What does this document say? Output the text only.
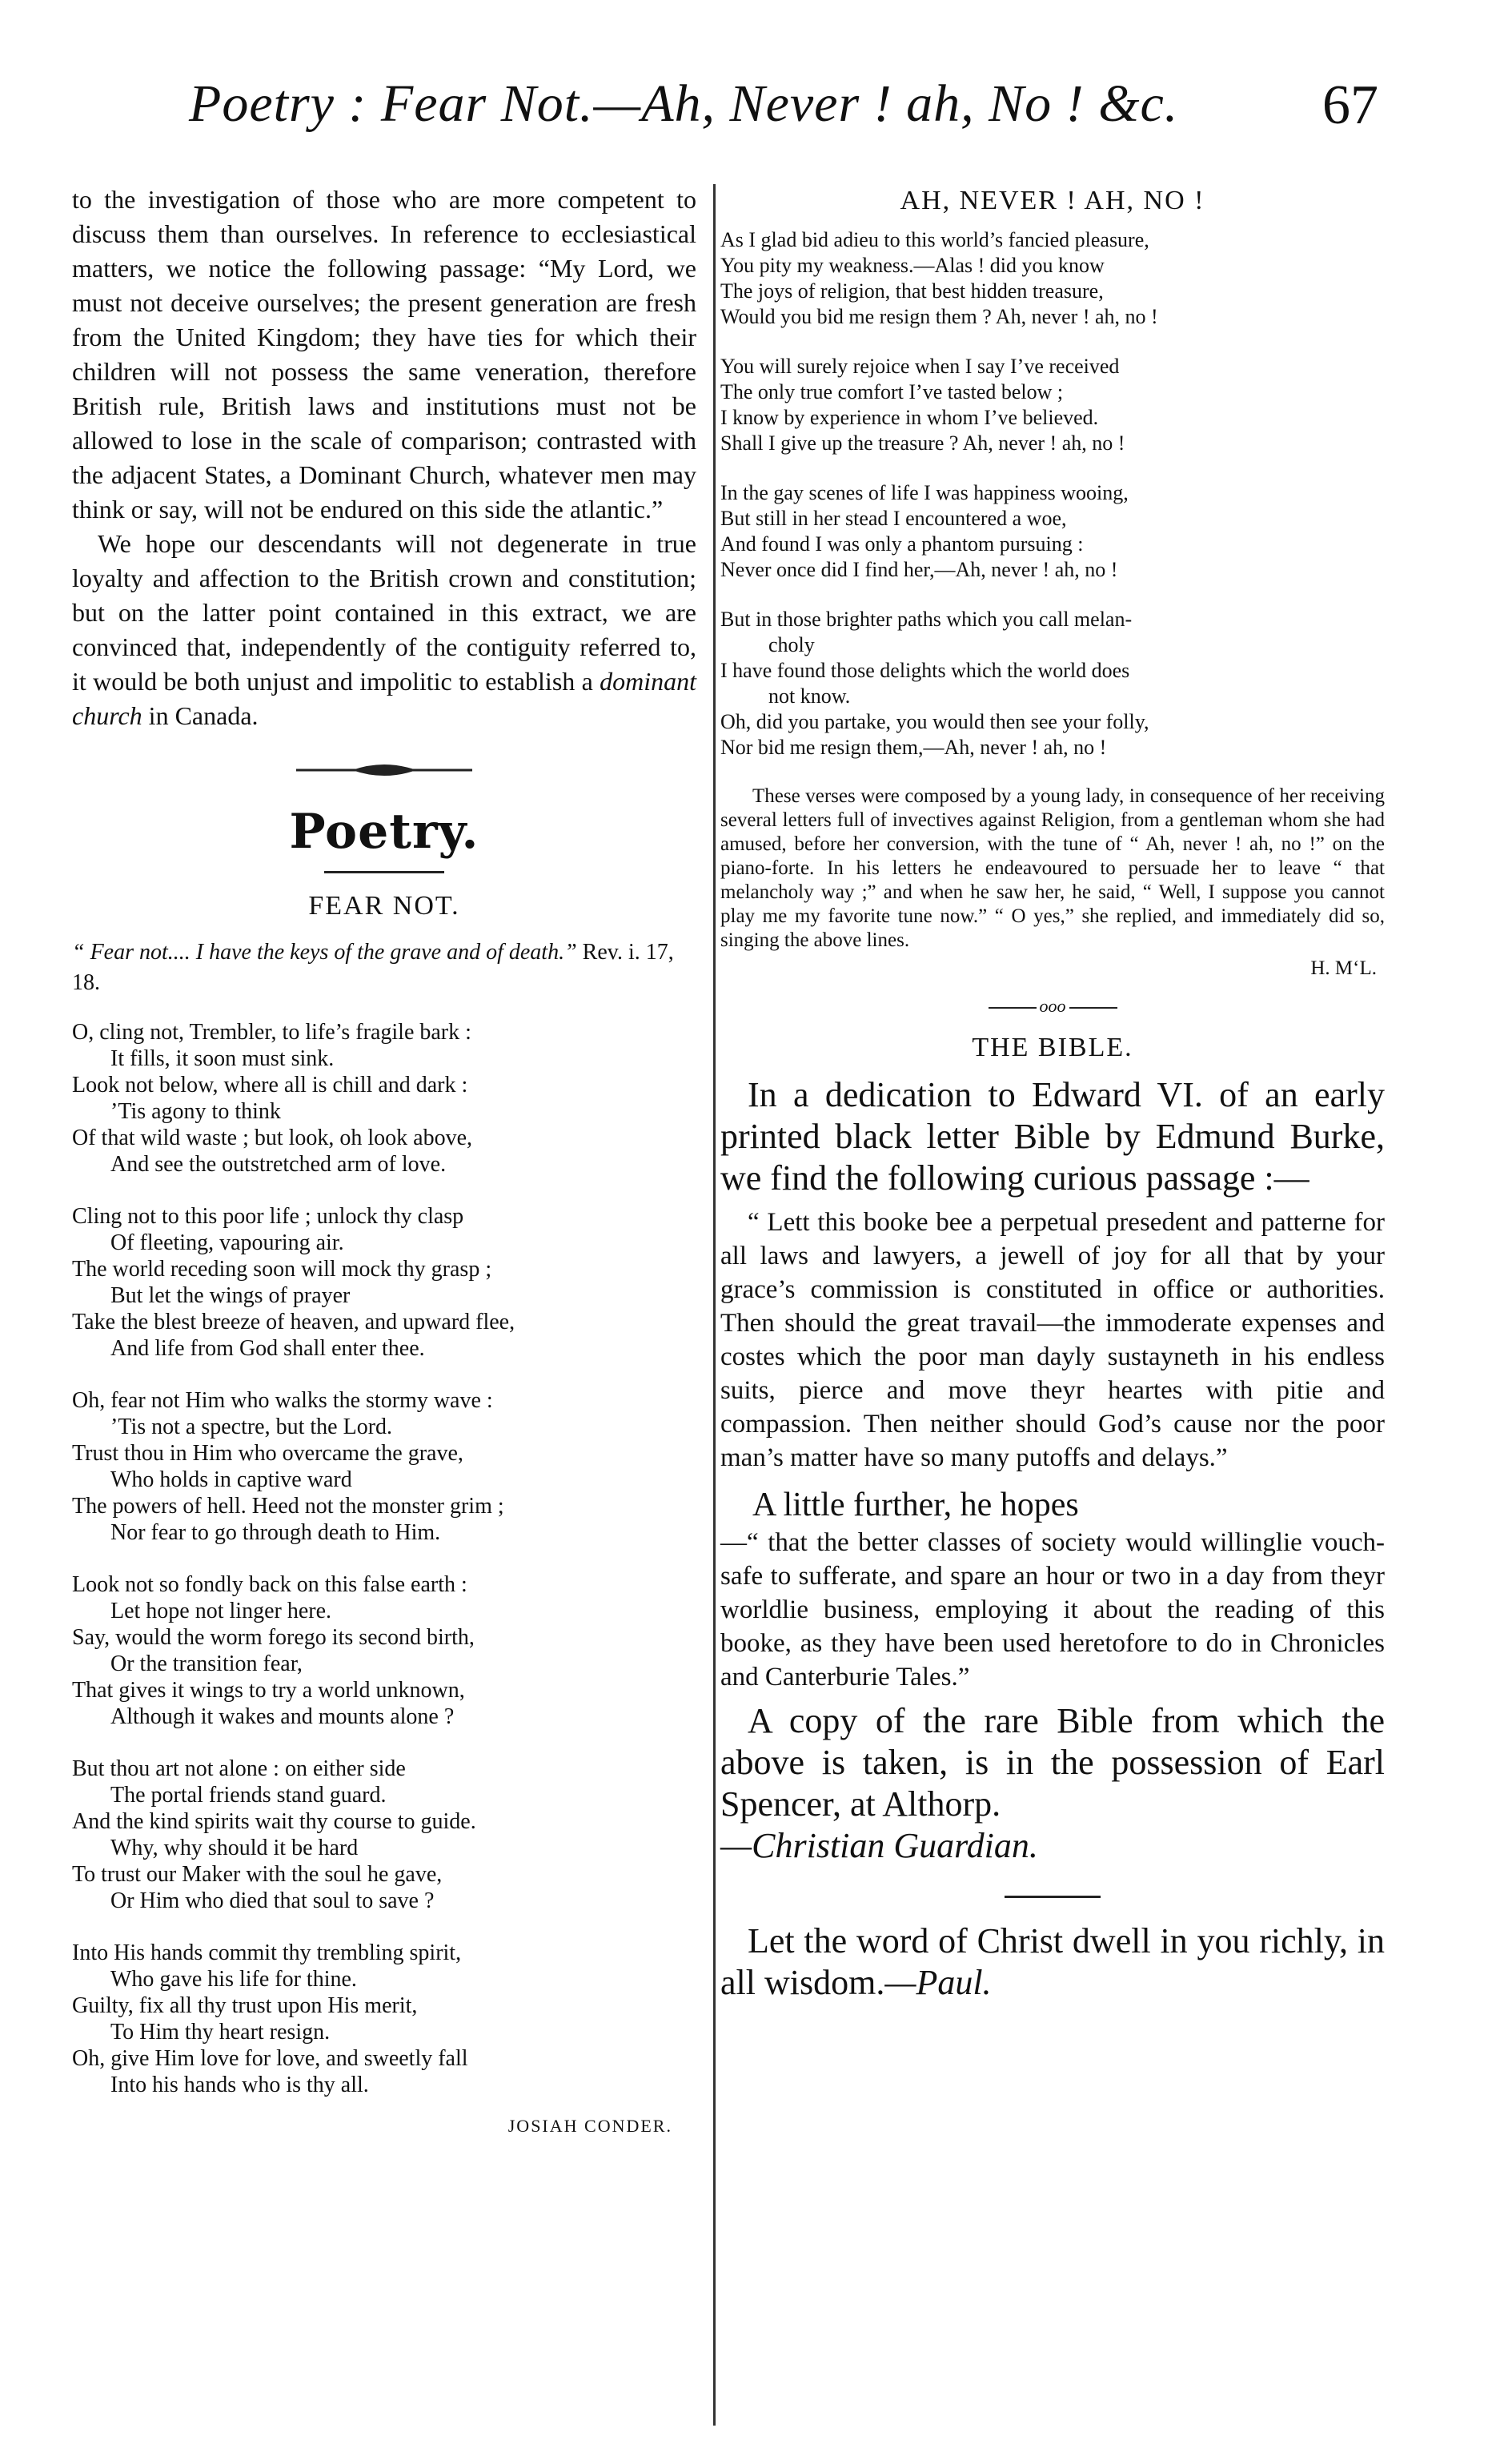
Poetry : Fear Not.—Ah, Never ! ah, No ! &c.	67

to the investigation of those who are more competent to discuss them than ourselves. In reference to ecclesiastical matters, we notice the following passage: “My Lord, we must not deceive ourselves; the present generation are fresh from the United Kingdom; they have ties for which their children will not possess the same veneration, therefore British rule, British laws and institutions must not be allowed to lose in the scale of comparison; contrasted with the adjacent States, a Dominant Church, whatever men may think or say, will not be endured on this side the atlantic.”

We hope our descendants will not degenerate in true loyalty and affection to the British crown and constitution; but on the latter point contained in this extract, we are convinced that, independently of the contiguity referred to, it would be both unjust and impolitic to establish a dominant church in Canada.

Poetry.
FEAR NOT.
“ Fear not.... I have the keys of the grave and of death.” Rev. i. 17, 18.
O, cling not, Trembler, to life’s fragile bark :
It fills, it soon must sink.
Look not below, where all is chill and dark :
’Tis agony to think
Of that wild waste ; but look, oh look above,
And see the outstretched arm of love.
Cling not to this poor life ; unlock thy clasp
Of fleeting, vapouring air.
The world receding soon will mock thy grasp ;
But let the wings of prayer
Take the blest breeze of heaven, and upward flee,
And life from God shall enter thee.
Oh, fear not Him who walks the stormy wave :
’Tis not a spectre, but the Lord.
Trust thou in Him who overcame the grave,
Who holds in captive ward
The powers of hell. Heed not the monster grim ;
Nor fear to go through death to Him.
Look not so fondly back on this false earth :
Let hope not linger here.
Say, would the worm forego its second birth,
Or the transition fear,
That gives it wings to try a world unknown,
Although it wakes and mounts alone ?
But thou art not alone : on either side
The portal friends stand guard.
And the kind spirits wait thy course to guide.
Why, why should it be hard
To trust our Maker with the soul he gave,
Or Him who died that soul to save ?
Into His hands commit thy trembling spirit,
Who gave his life for thine.
Guilty, fix all thy trust upon His merit,
To Him thy heart resign.
Oh, give Him love for love, and sweetly fall
Into his hands who is thy all.
JOSIAH CONDER.
AH, NEVER ! AH, NO !
As I glad bid adieu to this world’s fancied pleasure,
You pity my weakness.—Alas ! did you know
The joys of religion, that best hidden treasure,
Would you bid me resign them ? Ah, never ! ah, no !
You will surely rejoice when I say I’ve received
The only true comfort I’ve tasted below ;
I know by experience in whom I’ve believed.
Shall I give up the treasure ? Ah, never ! ah, no !
In the gay scenes of life I was happiness wooing,
But still in her stead I encountered a woe,
And found I was only a phantom pursuing :
Never once did I find her,—Ah, never ! ah, no !
But in those brighter paths which you call melan-
choly
I have found those delights which the world does
not know.
Oh, did you partake, you would then see your folly,
Nor bid me resign them,—Ah, never ! ah, no !

These verses were composed by a young lady, in consequence of her receiving several letters full of invectives against Religion, from a gentleman whom she had amused, before her conversion, with the tune of “ Ah, never ! ah, no !” on the piano-forte. In his letters he endeavoured to persuade her to leave “ that melancholy way ;” and when he saw her, he said, “ Well, I suppose you cannot play me my favorite tune now.” “ O yes,” she replied, and immediately did so, singing the above lines.

H. M‘L.
ooo
THE BIBLE.

In a dedication to Edward VI. of an early printed black letter Bible by Edmund Burke, we find the following curious passage :—

“ Lett this booke bee a perpetual presedent and patterne for all laws and lawyers, a jewell of joy for all that by your grace’s commission is constituted in office or authorities. Then should the great travail—the immoderate expenses and costes which the poor man dayly sustayneth in his endless suits, pierce and move theyr heartes with pitie and compassion. Then neither should God’s cause nor the poor man’s matter have so many putoffs and delays.”

A little further, he hopes

—“ that the better classes of society would willinglie vouch-safe to sufferate, and spare an hour or two in a day from theyr worldlie business, employing it about the reading of this booke, as they have been used heretofore to do in Chronicles and Canterburie Tales.”

A copy of the rare Bible from which the above is taken, is in the possession of Earl Spencer, at Althorp.

—Christian Guardian.

Let the word of Christ dwell in you richly, in all wisdom.—Paul.
